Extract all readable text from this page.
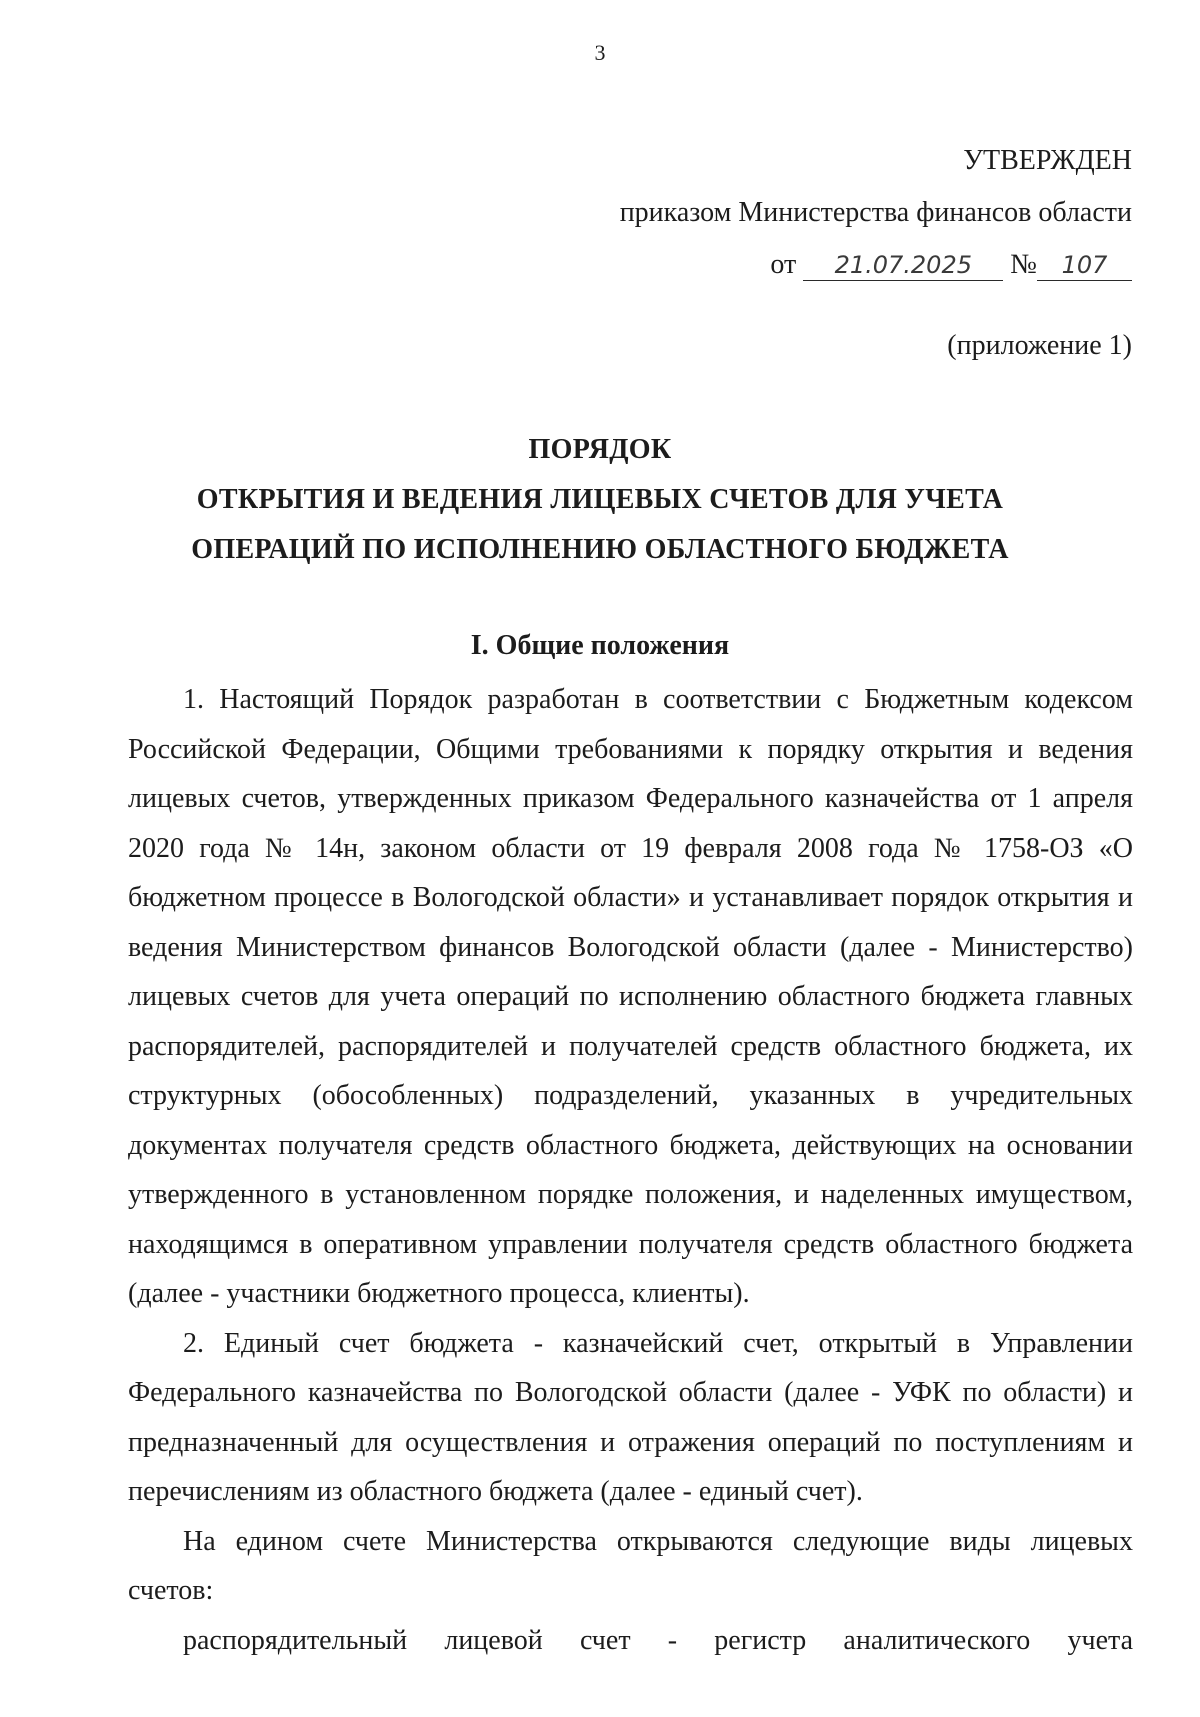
3
УТВЕРЖДЕН
приказом Министерства финансов области
от 21.07.2025 № 107
(приложение 1)
ПОРЯДОК
ОТКРЫТИЯ И ВЕДЕНИЯ ЛИЦЕВЫХ СЧЕТОВ ДЛЯ УЧЕТА
ОПЕРАЦИЙ ПО ИСПОЛНЕНИЮ ОБЛАСТНОГО БЮДЖЕТА
I. Общие положения

1. Настоящий Порядок разработан в соответствии с Бюджетным кодексом Российской Федерации, Общими требованиями к порядку открытия и ведения лицевых счетов, утвержденных приказом Федерального казначейства от 1 апреля 2020 года № 14н, законом области от 19 февраля 2008 года № 1758-ОЗ «О бюджетном процессе в Вологодской области» и устанавливает порядок открытия и ведения Министерством финансов Вологодской области (далее - Министерство) лицевых счетов для учета операций по исполнению областного бюджета главных распорядителей, распорядителей и получателей средств областного бюджета, их структурных (обособленных) подразделений, указанных в учредительных документах получателя средств областного бюджета, действующих на основании утвержденного в установленном порядке положения, и наделенных имуществом, находящимся в оперативном управлении получателя средств областного бюджета (далее - участники бюджетного процесса, клиенты).

2. Единый счет бюджета - казначейский счет, открытый в Управлении Федерального казначейства по Вологодской области (далее - УФК по области) и предназначенный для осуществления и отражения операций по поступлениям и перечислениям из областного бюджета (далее - единый счет).

На едином счете Министерства открываются следующие виды лицевых счетов:

распорядительный лицевой счет - регистр аналитического учета
